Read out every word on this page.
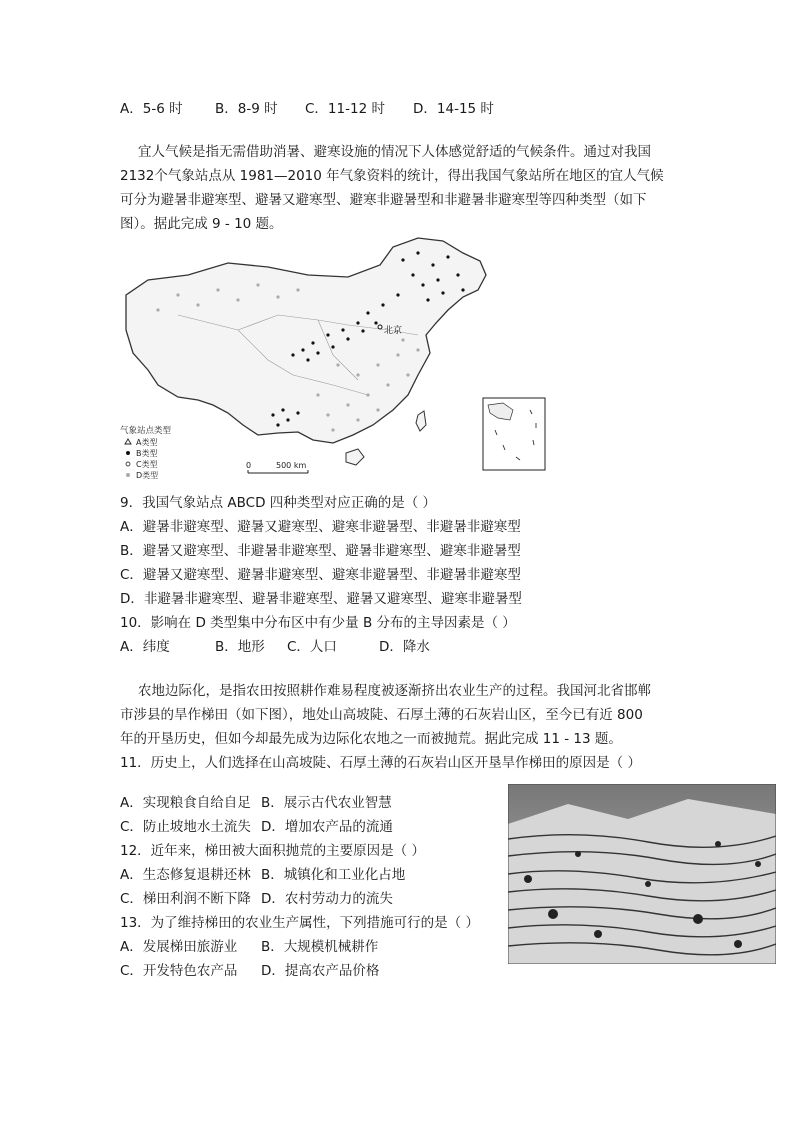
A．5-6 时 B．8-9 时 C．11-12 时 D．14-15 时
宜人气候是指无需借助消暑、避寒设施的情况下人体感觉舒适的气候条件。通过对我国
2132个气象站点从 1981—2010 年气象资料的统计，得出我国气象站所在地区的宜人气候
可分为避暑非避寒型、避暑又避寒型、避寒非避暑型和非避暑非避寒型等四种类型（如下
图）。据此完成 9 - 10 题。
北京
气象站点类型
A类型
B类型
C类型
D类型
0	500 km
9．我国气象站点 ABCD 四种类型对应正确的是（ ）
A．避暑非避寒型、避暑又避寒型、避寒非避暑型、非避暑非避寒型
B．避暑又避寒型、非避暑非避寒型、避暑非避寒型、避寒非避暑型
C．避暑又避寒型、避暑非避寒型、避寒非避暑型、非避暑非避寒型
D．非避暑非避寒型、避暑非避寒型、避暑又避寒型、避寒非避暑型
10．影响在 D 类型集中分布区中有少量 B 分布的主导因素是（ ）
A．纬度	B．地形 C．人口	D．降水
农地边际化，是指农田按照耕作难易程度被逐渐挤出农业生产的过程。我国河北省邯郸
市涉县的旱作梯田（如下图），地处山高坡陡、石厚土薄的石灰岩山区，至今已有近 800
年的开垦历史，但如今却最先成为边际化农地之一而被抛荒。据此完成 11 - 13 题。
11．历史上，人们选择在山高坡陡、石厚土薄的石灰岩山区开垦旱作梯田的原因是（ ）
A．实现粮食自给自足 B．展示古代农业智慧
C．防止坡地水土流失 D．增加农产品的流通
12．近年来，梯田被大面积抛荒的主要原因是（ ）
A．生态修复退耕还林 B．城镇化和工业化占地
C．梯田利润不断下降 D．农村劳动力的流失
13．为了维持梯田的农业生产属性，下列措施可行的是（ ）
A．发展梯田旅游业 B．大规模机械耕作
C．开发特色农产品 D．提高农产品价格
